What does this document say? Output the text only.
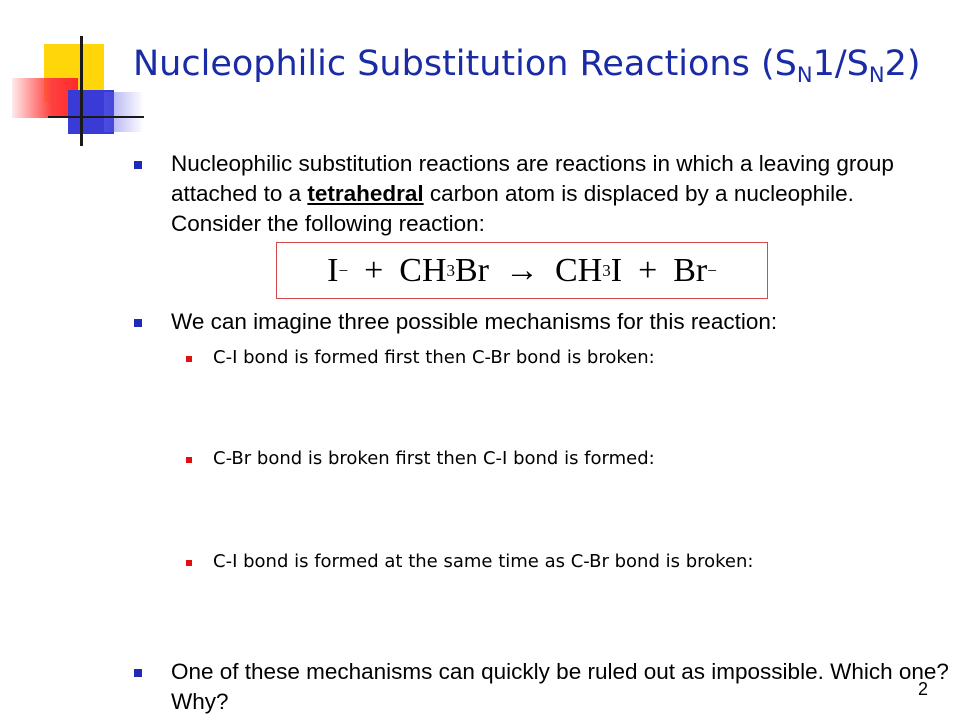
Nucleophilic Substitution Reactions $(S_N1/S_N2)$
Nucleophilic substitution reactions are reactions in which a leaving group attached to a tetrahedral carbon atom is displaced by a nucleophile. Consider the following reaction:
I − + CH 3 Br → CH 3 I + Br −
We can imagine three possible mechanisms for this reaction:
C-I bond is formed first then C-Br bond is broken:
C-Br bond is broken first then C-I bond is formed:
C-I bond is formed at the same time as C-Br bond is broken:
One of these mechanisms can quickly be ruled out as impossible. Which one? Why?	2
